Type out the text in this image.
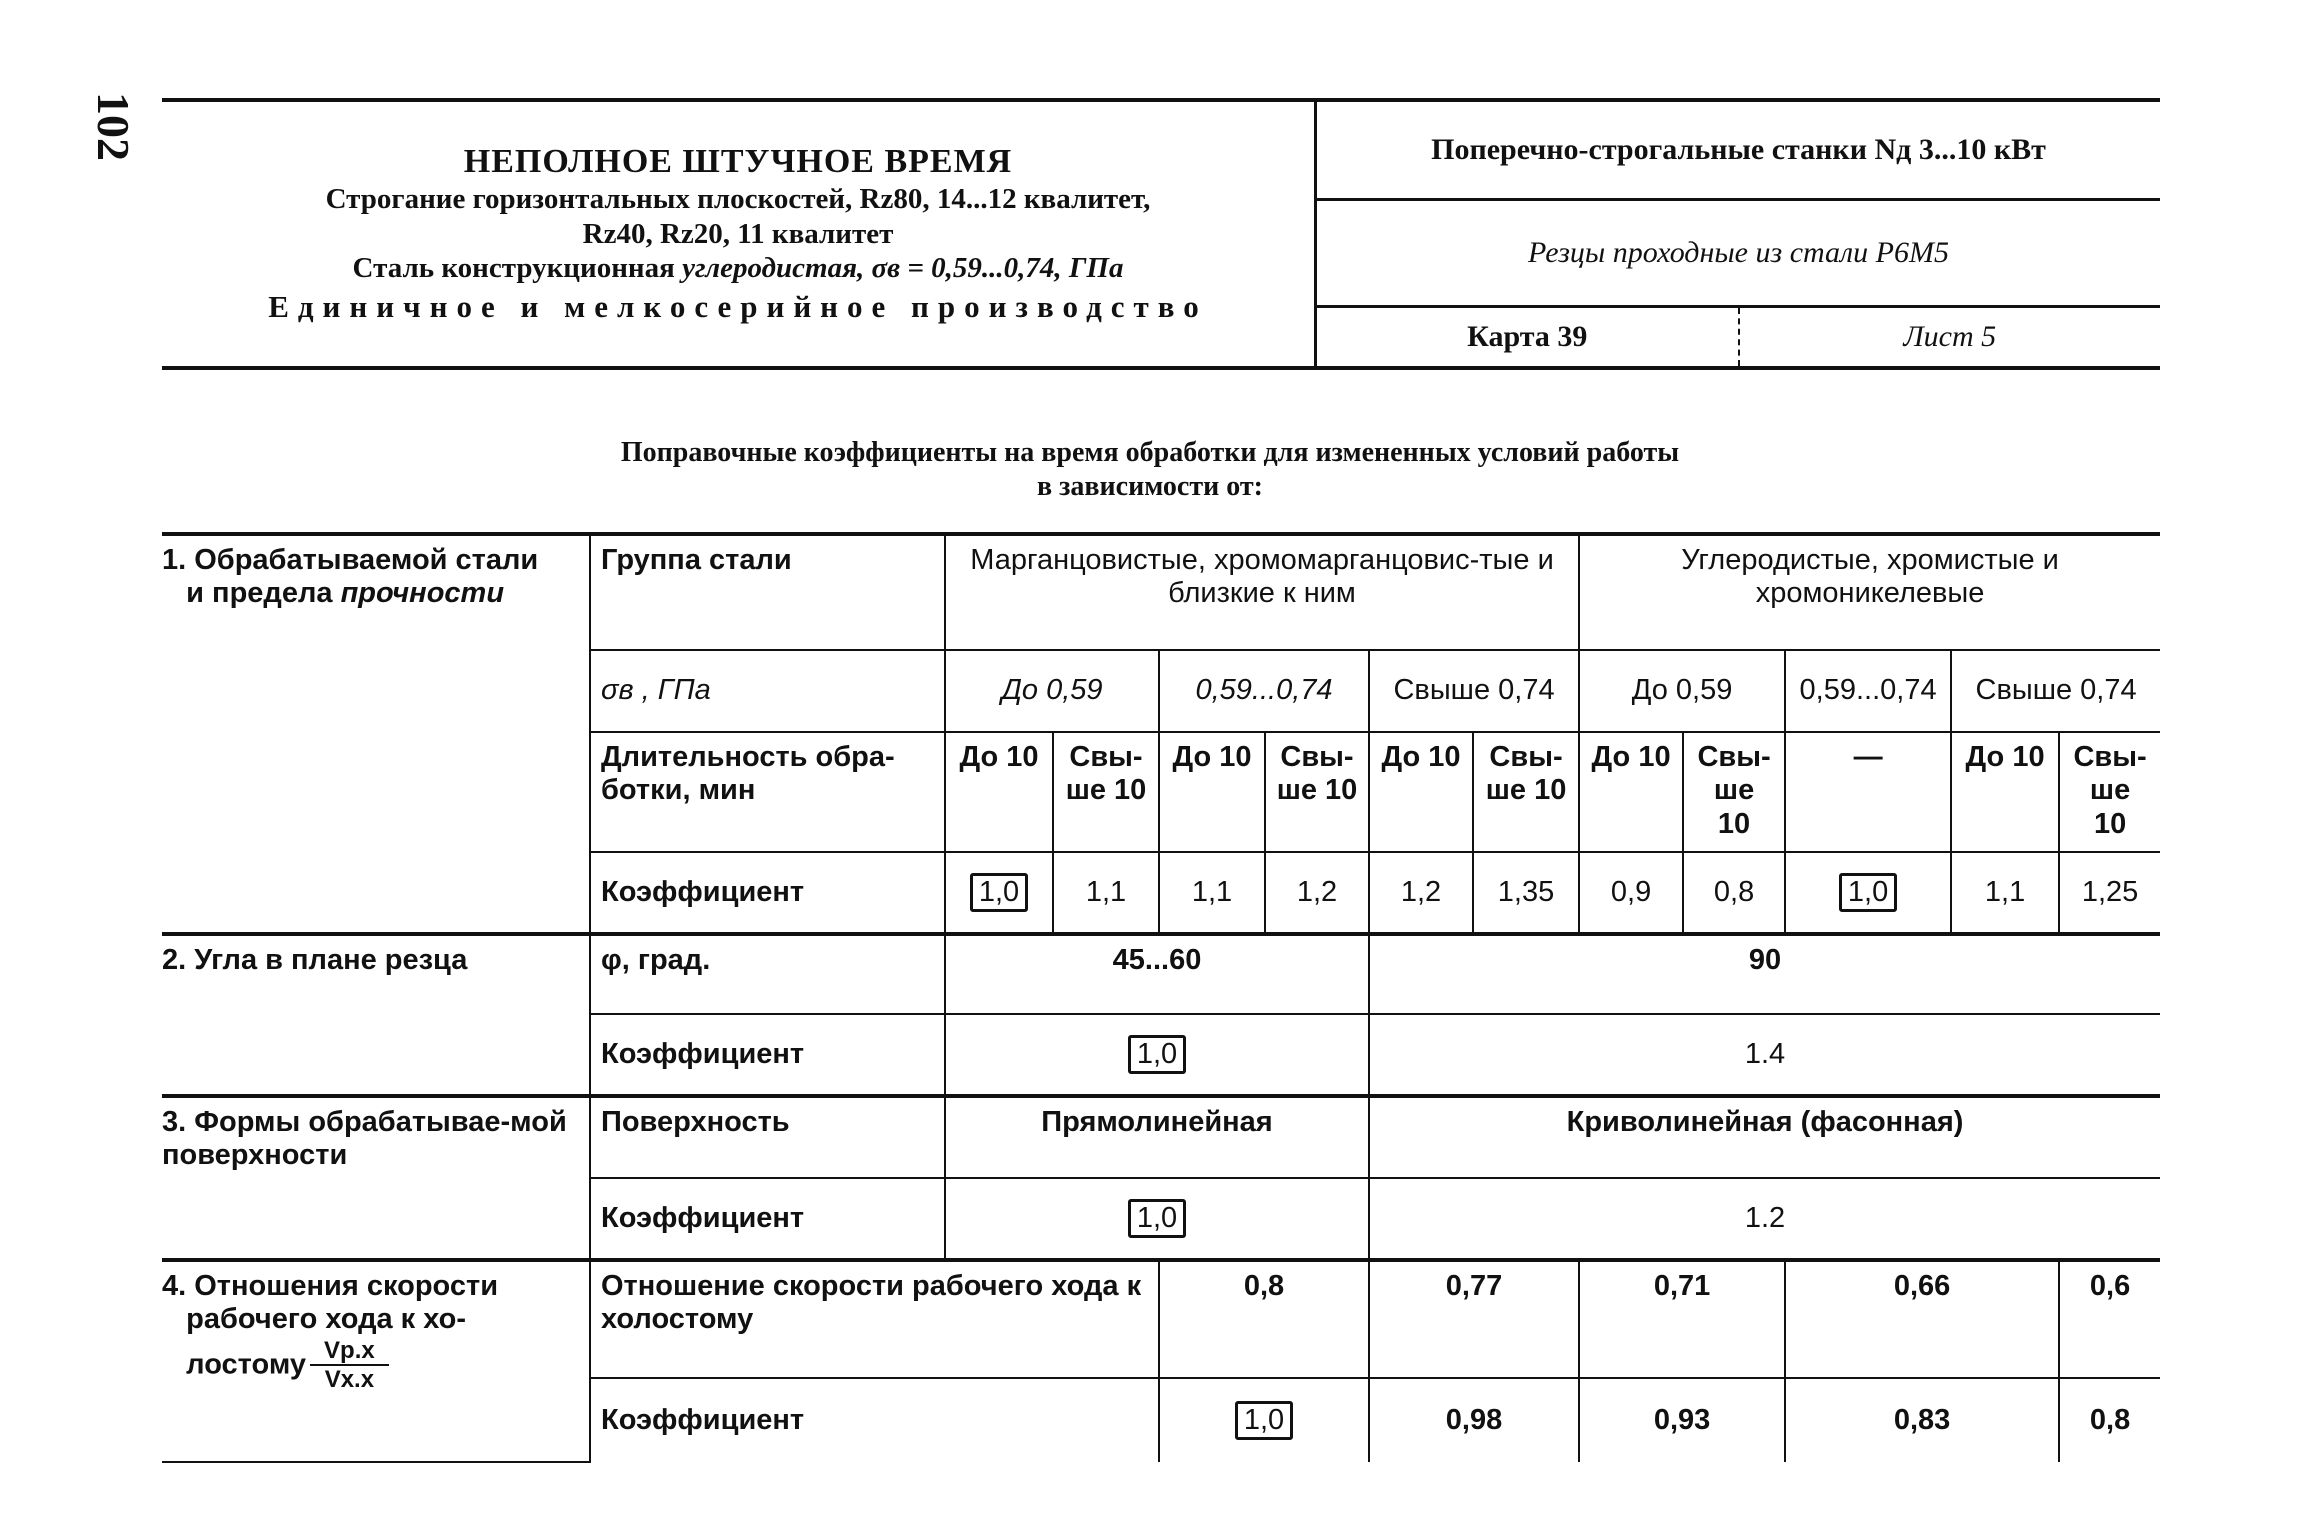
102
НЕПОЛНОЕ ШТУЧНОЕ ВРЕМЯ
Строгание горизонтальных плоскостей, Rz80, 14...12 квалитет,
Rz40, Rz20, 11 квалитет
Сталь конструкционная углеродистая, σв = 0,59...0,74, ГПа
Единичное и мелкосерийное производство
Поперечно-строгальные станки Nд 3...10 кВт
Резцы проходные из стали Р6М5
Карта 39	Лист 5
Поправочные коэффициенты на время обработки для измененных условий работы
в зависимости от:
1. Обрабатываемой стали
и предела прочности	Группа стали	Марганцовистые, хромомарганцовис-тые и близкие к ним						Углеродистые, хромистые и хромоникелевые				
	σв , ГПа	До 0,59		0,59...0,74		Свыше 0,74		До 0,59		0,59...0,74	Свыше 0,74	
	Длительность обра-ботки, мин	До 10	Свы-ше 10	До 10	Свы-ше 10	До 10	Свы-ше 10	До 10	Свы-ше 10	—	До 10	Свы-ше 10
	Коэффициент	1,0	1,1	1,1	1,2	1,2	1,35	0,9	0,8	1,0	1,1	1,25
2. Угла в плане резца	φ, град.	45...60				90						
	Коэффициент	1,0				1.4						
3. Формы обрабатывае-мой поверхности	Поверхность	Прямолинейная				Криволинейная (фасонная)						
	Коэффициент	1,0				1.2						
4. Отношения скорости
рабочего хода к хо-
лостому $\frac{Vр.х}{Vх.х}$	Отношение скорости рабочего хода к холостому			0,8		0,77		0,71		0,66		0,6
	Коэффициент			1,0		0,98		0,93		0,83		0,8
